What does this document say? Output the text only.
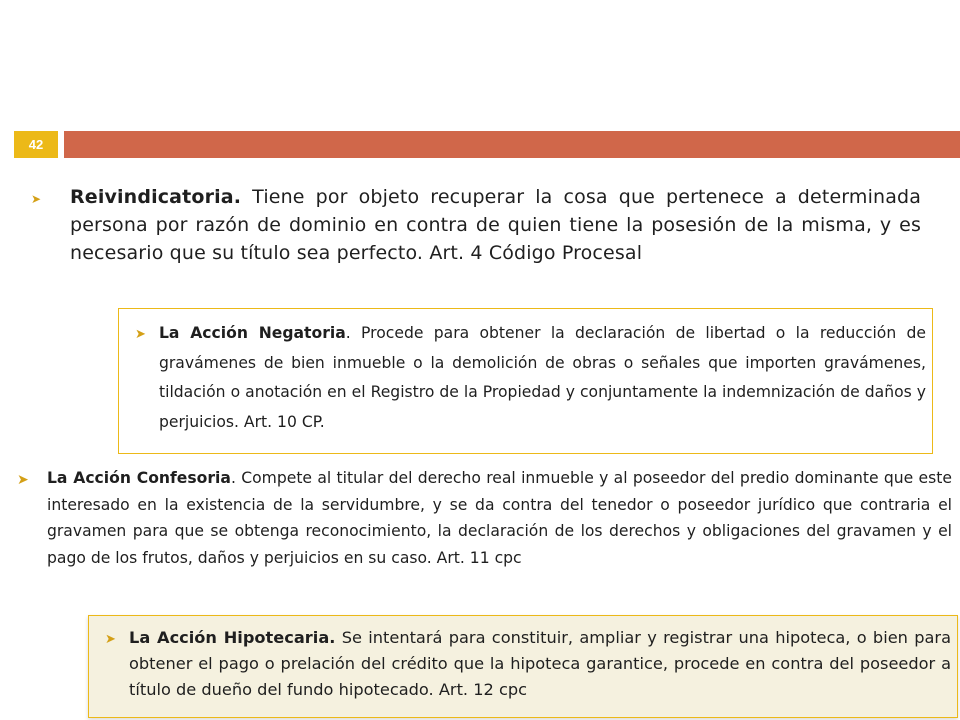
42
➤ Reivindicatoria. Tiene por objeto recuperar la cosa que pertenece a determinada persona por razón de dominio en contra de quien tiene la posesión de la misma, y es necesario que su título sea perfecto. Art. 4 Código Procesal
➤ La Acción Negatoria. Procede para obtener la declaración de libertad o la reducción de gravámenes de bien inmueble o la demolición de obras o señales que importen gravámenes, tildación o anotación en el Registro de la Propiedad y conjuntamente la indemnización de daños y perjuicios. Art. 10 CP.
➤ La Acción Confesoria. Compete al titular del derecho real inmueble y al poseedor del predio dominante que este interesado en la existencia de la servidumbre, y se da contra del tenedor o poseedor jurídico que contraria el gravamen para que se obtenga reconocimiento, la declaración de los derechos y obligaciones del gravamen y el pago de los frutos, daños y perjuicios en su caso. Art. 11 cpc
➤ La Acción Hipotecaria. Se intentará para constituir, ampliar y registrar una hipoteca, o bien para obtener el pago o prelación del crédito que la hipoteca garantice, procede en contra del poseedor a título de dueño del fundo hipotecado. Art. 12 cpc
